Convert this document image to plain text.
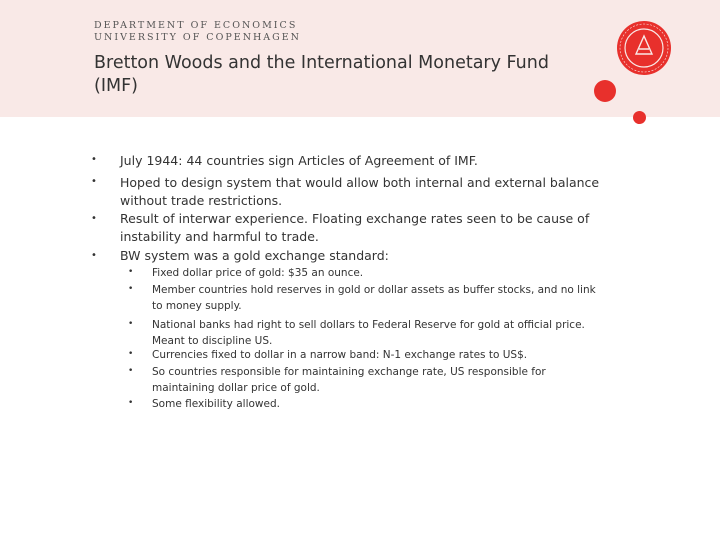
DEPARTMENT OF ECONOMICS
UNIVERSITY OF COPENHAGEN
Bretton Woods and the International Monetary Fund (IMF)
• July 1944: 44 countries sign Articles of Agreement of IMF.
• Hoped to design system that would allow both internal and external balance without trade restrictions.
• Result of interwar experience. Floating exchange rates seen to be cause of instability and harmful to trade.
• BW system was a gold exchange standard:
• Fixed dollar price of gold: $35 an ounce.
• Member countries hold reserves in gold or dollar assets as buffer stocks, and no link to money supply.
• National banks had right to sell dollars to Federal Reserve for gold at official price. Meant to discipline US.
• Currencies fixed to dollar in a narrow band: N-1 exchange rates to US$.
• So countries responsible for maintaining exchange rate, US responsible for maintaining dollar price of gold.
• Some flexibility allowed.
